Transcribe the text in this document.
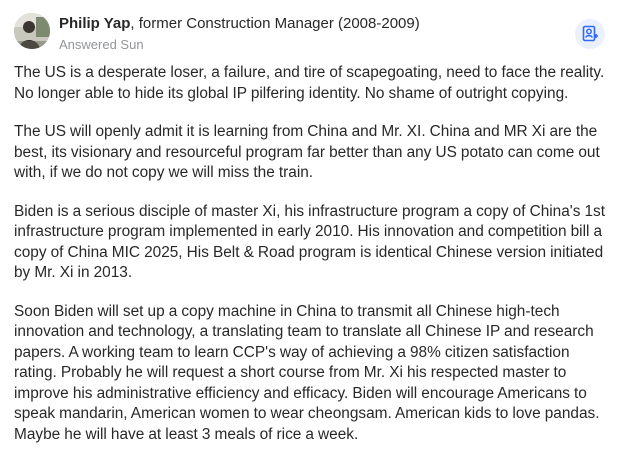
Philip Yap, former Construction Manager (2008-2009)
Answered Sun

The US is a desperate loser, a failure, and tire of scapegoating, need to face the reality. No longer able to hide its global IP pilfering identity. No shame of outright copying.

The US will openly admit it is learning from China and Mr. XI. China and MR Xi are the best, its visionary and resourceful program far better than any US potato can come out with, if we do not copy we will miss the train.

Biden is a serious disciple of master Xi, his infrastructure program a copy of China's 1st infrastructure program implemented in early 2010. His innovation and competition bill a copy of China MIC 2025, His Belt & Road program is identical Chinese version initiated by Mr. Xi in 2013.

Soon Biden will set up a copy machine in China to transmit all Chinese high-tech innovation and technology, a translating team to translate all Chinese IP and research papers. A working team to learn CCP's way of achieving a 98% citizen satisfaction rating. Probably he will request a short course from Mr. Xi his respected master to improve his administrative efficiency and efficacy. Biden will encourage Americans to speak mandarin, American women to wear cheongsam. American kids to love pandas. Maybe he will have at least 3 meals of rice a week.
